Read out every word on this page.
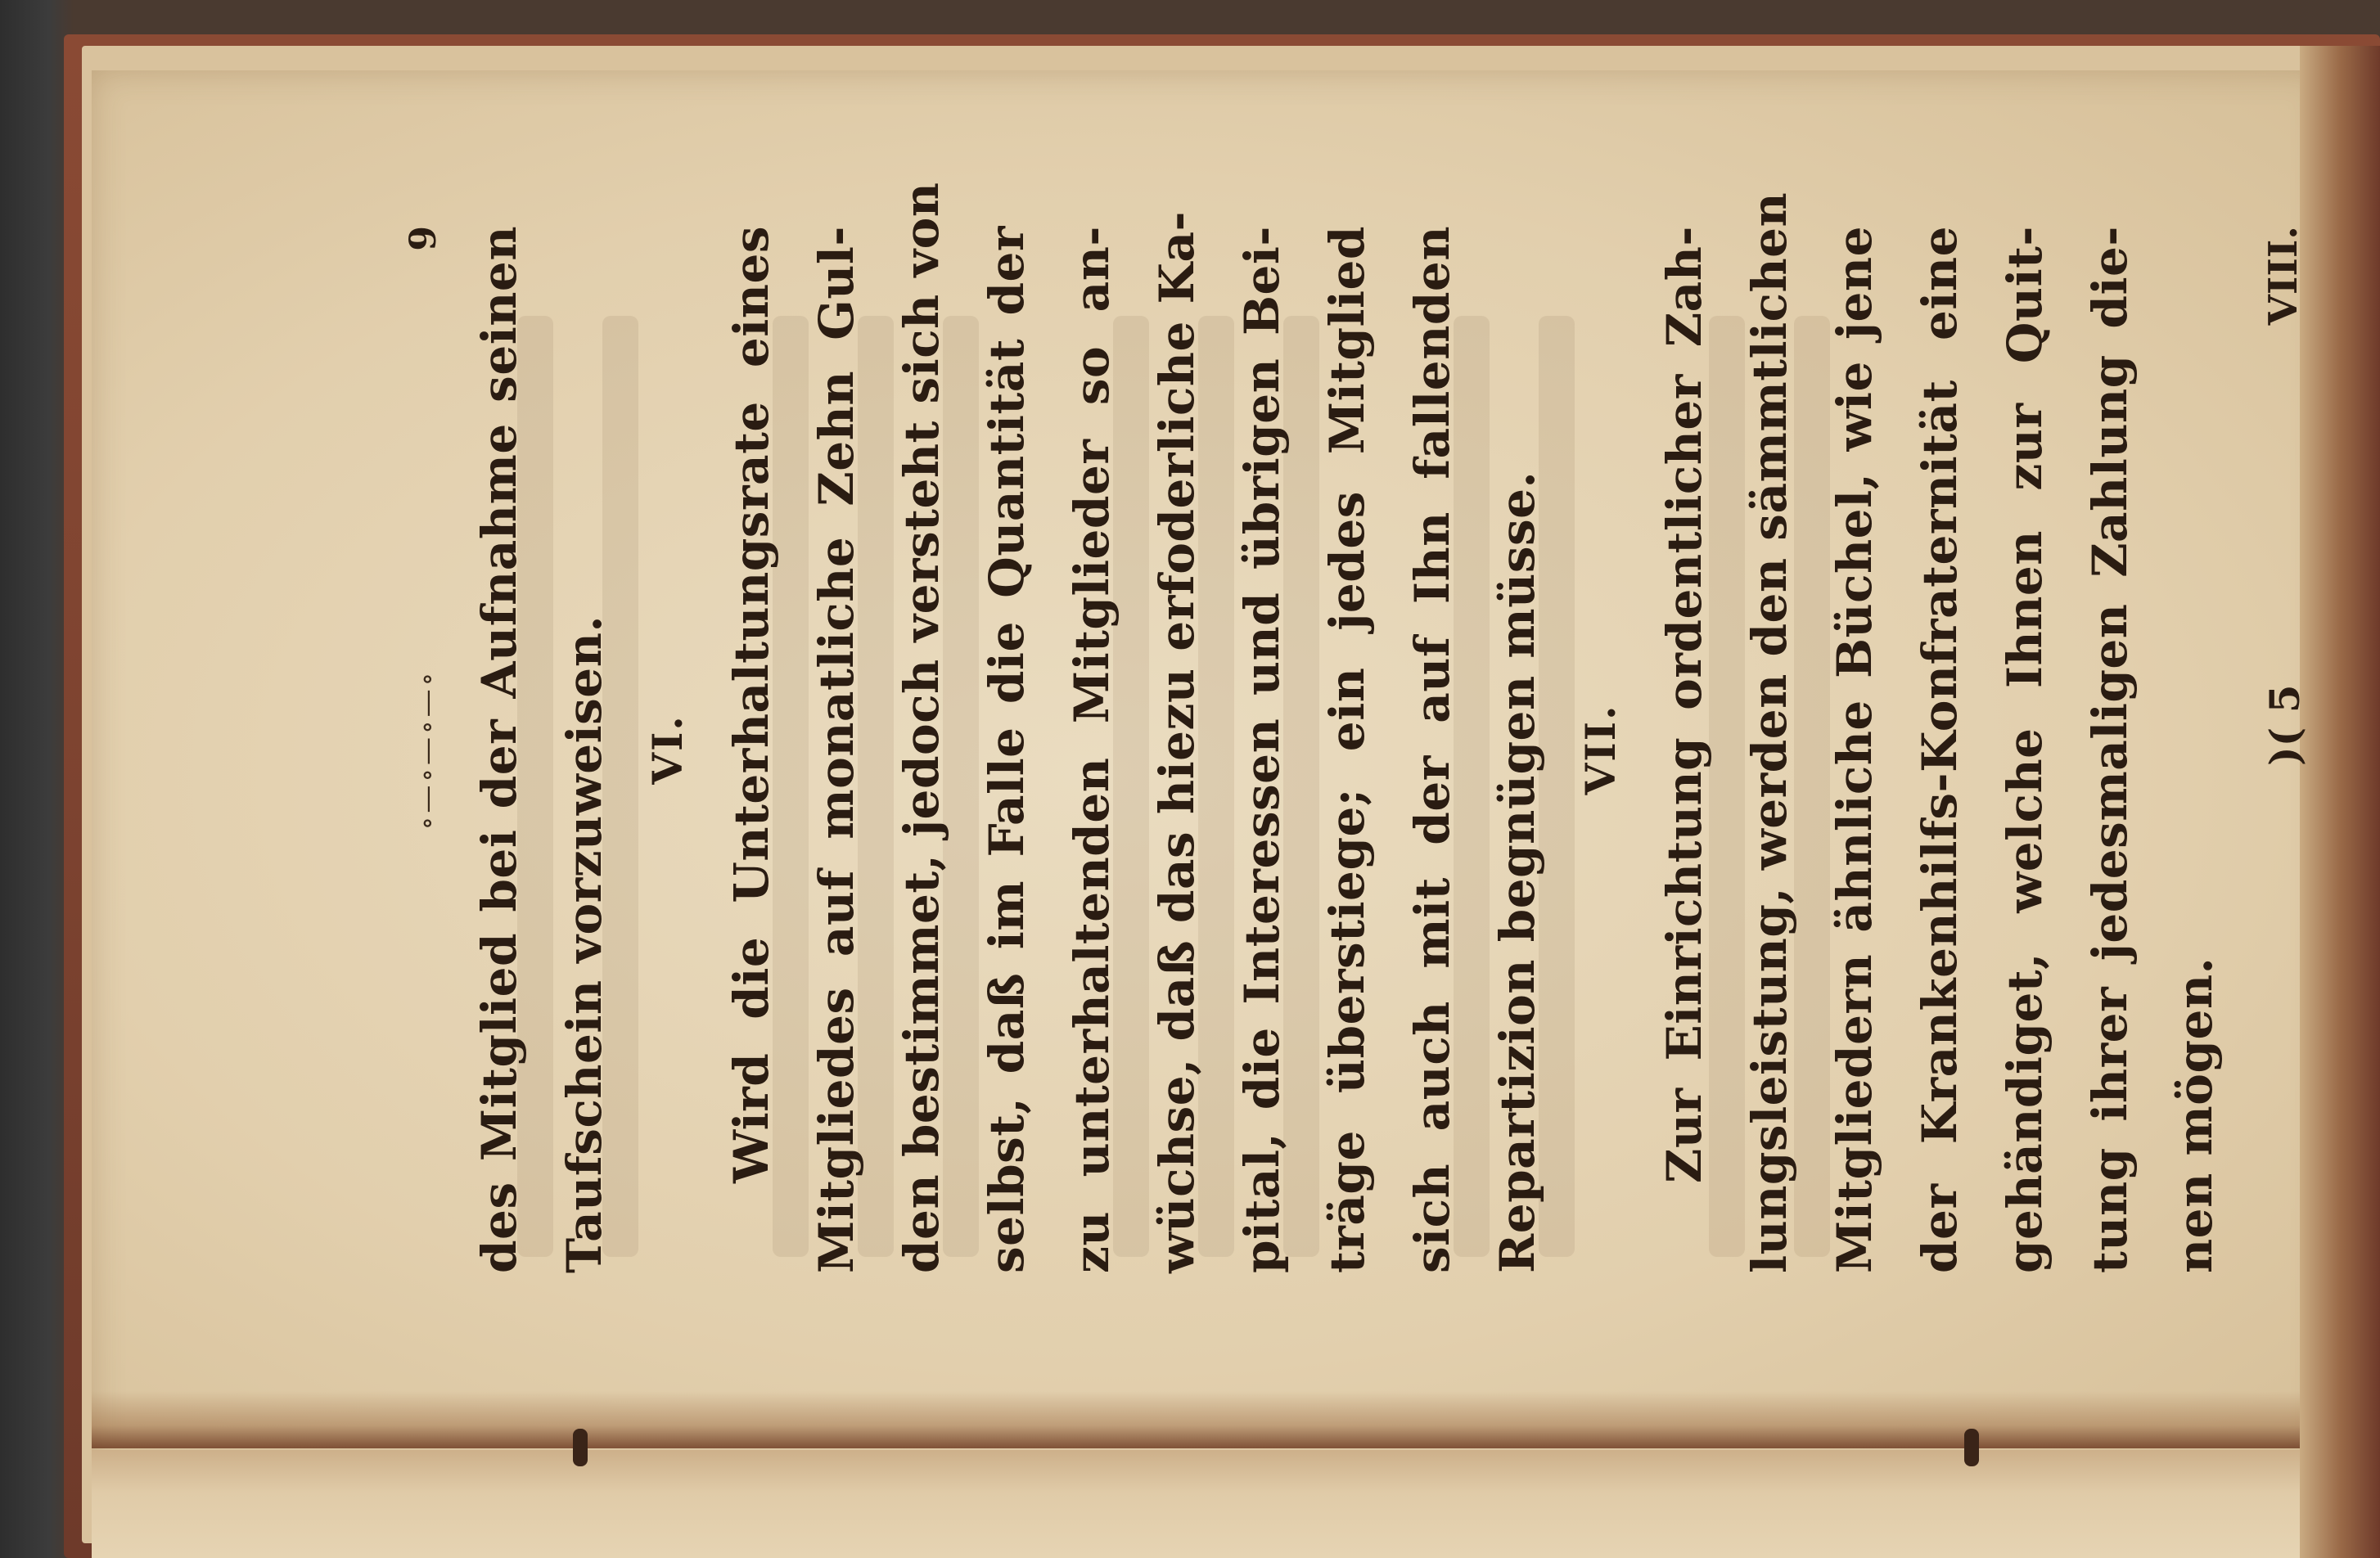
∘—∘—∘—∘
9 des Mitglied bei der Aufnahme seinen Taufschein vorzuweisen. VI. Wird die Unterhaltungsrate eines Mitgliedes auf monatliche Zehn Gul- den bestimmet, jedoch versteht sich von selbst, daß im Falle die Quantität der zu unterhaltenden Mitglieder so an- wüchse, daß das hiezu erfoderliche Ka- pital, die Interessen und übrigen Bei- träge überstiege; ein jedes Mitglied sich auch mit der auf Ihn fallenden Repartizion begnügen müsse. VII. Zur Einrichtung ordentlicher Zah- lungsleistung, werden den sämmtlichen Mitgliedern ähnliche Büchel, wie jene der Krankenhilfs-Konfraternität eine gehändiget, welche Ihnen zur Quit- tung ihrer jedesmaligen Zahlung die- nen mögen.
)( 5
VIII.
